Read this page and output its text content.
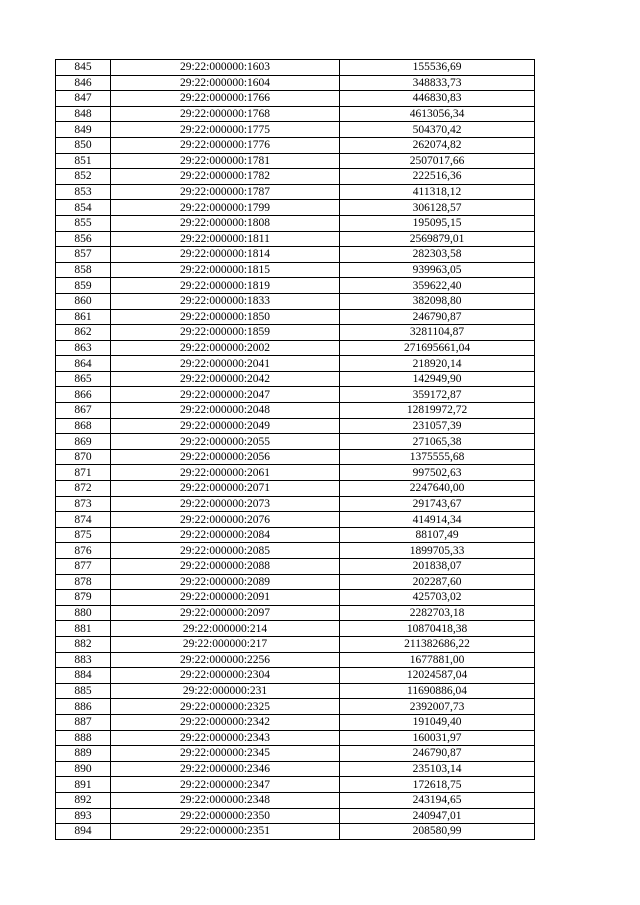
845	29:22:000000:1603	155536,69
846	29:22:000000:1604	348833,73
847	29:22:000000:1766	446830,83
848	29:22:000000:1768	4613056,34
849	29:22:000000:1775	504370,42
850	29:22:000000:1776	262074,82
851	29:22:000000:1781	2507017,66
852	29:22:000000:1782	222516,36
853	29:22:000000:1787	411318,12
854	29:22:000000:1799	306128,57
855	29:22:000000:1808	195095,15
856	29:22:000000:1811	2569879,01
857	29:22:000000:1814	282303,58
858	29:22:000000:1815	939963,05
859	29:22:000000:1819	359622,40
860	29:22:000000:1833	382098,80
861	29:22:000000:1850	246790,87
862	29:22:000000:1859	3281104,87
863	29:22:000000:2002	271695661,04
864	29:22:000000:2041	218920,14
865	29:22:000000:2042	142949,90
866	29:22:000000:2047	359172,87
867	29:22:000000:2048	12819972,72
868	29:22:000000:2049	231057,39
869	29:22:000000:2055	271065,38
870	29:22:000000:2056	1375555,68
871	29:22:000000:2061	997502,63
872	29:22:000000:2071	2247640,00
873	29:22:000000:2073	291743,67
874	29:22:000000:2076	414914,34
875	29:22:000000:2084	88107,49
876	29:22:000000:2085	1899705,33
877	29:22:000000:2088	201838,07
878	29:22:000000:2089	202287,60
879	29:22:000000:2091	425703,02
880	29:22:000000:2097	2282703,18
881	29:22:000000:214	10870418,38
882	29:22:000000:217	211382686,22
883	29:22:000000:2256	1677881,00
884	29:22:000000:2304	12024587,04
885	29:22:000000:231	11690886,04
886	29:22:000000:2325	2392007,73
887	29:22:000000:2342	191049,40
888	29:22:000000:2343	160031,97
889	29:22:000000:2345	246790,87
890	29:22:000000:2346	235103,14
891	29:22:000000:2347	172618,75
892	29:22:000000:2348	243194,65
893	29:22:000000:2350	240947,01
894	29:22:000000:2351	208580,99
